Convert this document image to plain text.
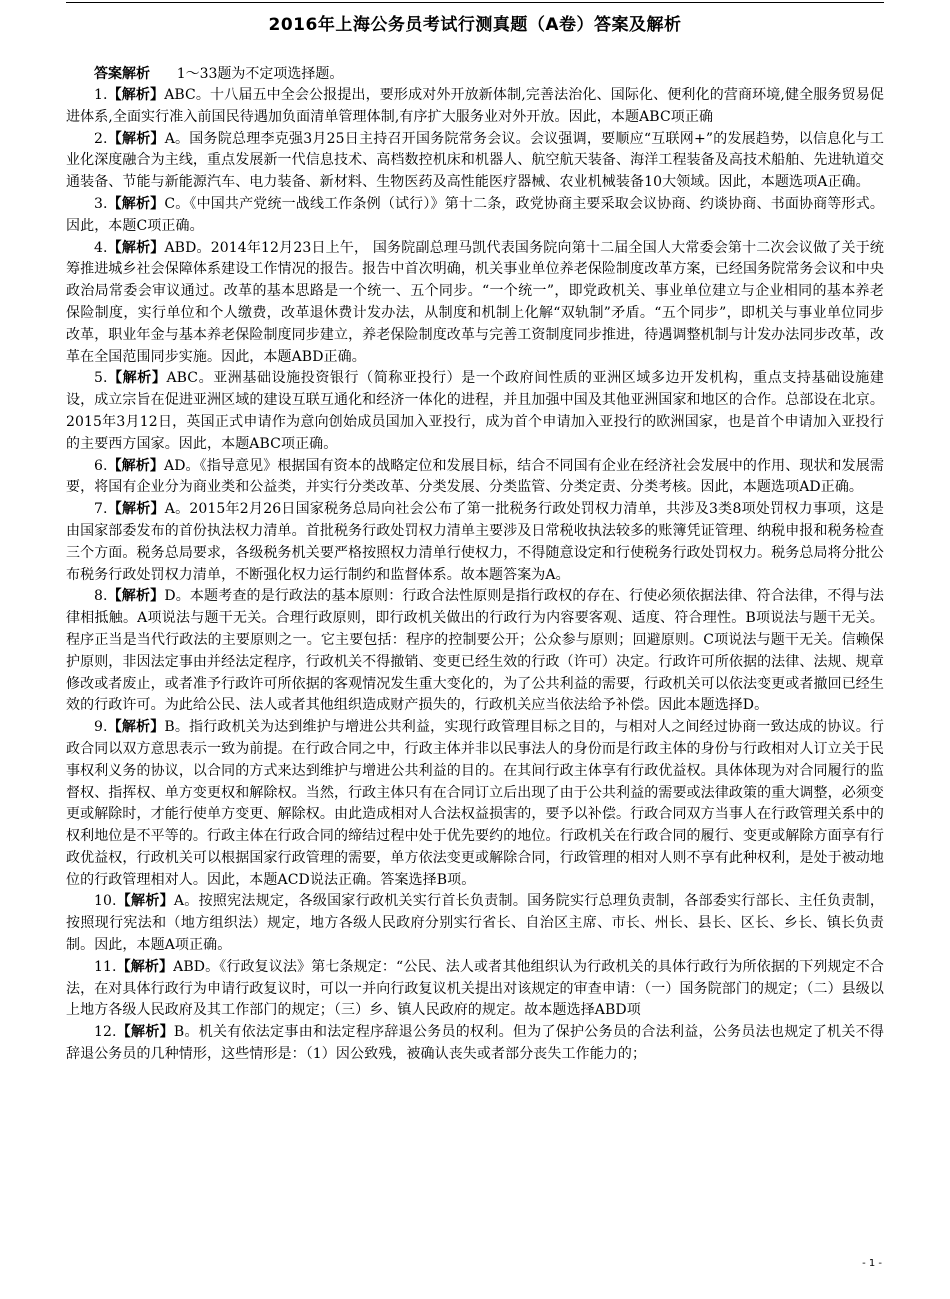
2016年上海公务员考试行测真题（A卷）答案及解析

答案解析 1～33题为不定项选择题。

1.【解析】ABC。十八届五中全会公报提出，要形成对外开放新体制,完善法治化、国际化、便利化的营商环境,健全服务贸易促进体系,全面实行准入前国民待遇加负面清单管理体制,有序扩大服务业对外开放。因此，本题ABC项正确

2.【解析】A。国务院总理李克强3月25日主持召开国务院常务会议。会议强调，要顺应“互联网+”的发展趋势，以信息化与工业化深度融合为主线，重点发展新一代信息技术、高档数控机床和机器人、航空航天装备、海洋工程装备及高技术船舶、先进轨道交通装备、节能与新能源汽车、电力装备、新材料、生物医药及高性能医疗器械、农业机械装备10大领域。因此，本题选项A正确。

3.【解析】C。《中国共产党统一战线工作条例（试行）》第十二条，政党协商主要采取会议协商、约谈协商、书面协商等形式。因此，本题C项正确。

4.【解析】ABD。2014年12月23日上午， 国务院副总理马凯代表国务院向第十二届全国人大常委会第十二次会议做了关于统筹推进城乡社会保障体系建设工作情况的报告。报告中首次明确，机关事业单位养老保险制度改革方案，已经国务院常务会议和中央政治局常委会审议通过。改革的基本思路是一个统一、五个同步。“一个统一”，即党政机关、事业单位建立与企业相同的基本养老保险制度，实行单位和个人缴费，改革退休费计发办法，从制度和机制上化解“双轨制”矛盾。“五个同步”，即机关与事业单位同步改革，职业年金与基本养老保险制度同步建立，养老保险制度改革与完善工资制度同步推进，待遇调整机制与计发办法同步改革，改革在全国范围同步实施。因此，本题ABD正确。

5.【解析】ABC。亚洲基础设施投资银行（简称亚投行）是一个政府间性质的亚洲区域多边开发机构，重点支持基础设施建设，成立宗旨在促进亚洲区域的建设互联互通化和经济一体化的进程，并且加强中国及其他亚洲国家和地区的合作。总部设在北京。2015年3月12日，英国正式申请作为意向创始成员国加入亚投行，成为首个申请加入亚投行的欧洲国家，也是首个申请加入亚投行的主要西方国家。因此，本题ABC项正确。

6.【解析】AD。《指导意见》根据国有资本的战略定位和发展目标，结合不同国有企业在经济社会发展中的作用、现状和发展需要，将国有企业分为商业类和公益类，并实行分类改革、分类发展、分类监管、分类定责、分类考核。因此，本题选项AD正确。

7.【解析】A。2015年2月26日国家税务总局向社会公布了第一批税务行政处罚权力清单，共涉及3类8项处罚权力事项，这是由国家部委发布的首份执法权力清单。首批税务行政处罚权力清单主要涉及日常税收执法较多的账簿凭证管理、纳税申报和税务检查三个方面。税务总局要求，各级税务机关要严格按照权力清单行使权力，不得随意设定和行使税务行政处罚权力。税务总局将分批公布税务行政处罚权力清单，不断强化权力运行制约和监督体系。故本题答案为A。

8.【解析】D。本题考查的是行政法的基本原则：行政合法性原则是指行政权的存在、行使必须依据法律、符合法律，不得与法律相抵触。A项说法与题干无关。合理行政原则，即行政机关做出的行政行为内容要客观、适度、符合理性。B项说法与题干无关。程序正当是当代行政法的主要原则之一。它主要包括：程序的控制要公开；公众参与原则；回避原则。C项说法与题干无关。信赖保护原则，非因法定事由并经法定程序，行政机关不得撤销、变更已经生效的行政（许可）决定。行政许可所依据的法律、法规、规章修改或者废止，或者准予行政许可所依据的客观情况发生重大变化的，为了公共利益的需要，行政机关可以依法变更或者撤回已经生效的行政许可。为此给公民、法人或者其他组织造成财产损失的，行政机关应当依法给予补偿。因此本题选择D。

9.【解析】B。指行政机关为达到维护与增进公共利益，实现行政管理目标之目的，与相对人之间经过协商一致达成的协议。行政合同以双方意思表示一致为前提。在行政合同之中，行政主体并非以民事法人的身份而是行政主体的身份与行政相对人订立关于民事权利义务的协议，以合同的方式来达到维护与增进公共利益的目的。在其间行政主体享有行政优益权。具体体现为对合同履行的监督权、指挥权、单方变更权和解除权。当然，行政主体只有在合同订立后出现了由于公共利益的需要或法律政策的重大调整，必须变更或解除时，才能行使单方变更、解除权。由此造成相对人合法权益损害的，要予以补偿。行政合同双方当事人在行政管理关系中的权利地位是不平等的。行政主体在行政合同的缔结过程中处于优先要约的地位。行政机关在行政合同的履行、变更或解除方面享有行政优益权，行政机关可以根据国家行政管理的需要，单方依法变更或解除合同，行政管理的相对人则不享有此种权利，是处于被动地位的行政管理相对人。因此，本题ACD说法正确。答案选择B项。

10.【解析】A。按照宪法规定，各级国家行政机关实行首长负责制。国务院实行总理负责制，各部委实行部长、主任负责制，按照现行宪法和（地方组织法）规定，地方各级人民政府分别实行省长、自治区主席、市长、州长、县长、区长、乡长、镇长负责制。因此，本题A项正确。

11.【解析】ABD。《行政复议法》第七条规定：“公民、法人或者其他组织认为行政机关的具体行政行为所依据的下列规定不合法，在对具体行政行为申请行政复议时，可以一并向行政复议机关提出对该规定的审查申请：（一）国务院部门的规定；（二）县级以上地方各级人民政府及其工作部门的规定；（三）乡、镇人民政府的规定。故本题选择ABD项

12.【解析】B。机关有依法定事由和法定程序辞退公务员的权利。但为了保护公务员的合法利益，公务员法也规定了机关不得辞退公务员的几种情形，这些情形是：（1）因公致残，被确认丧失或者部分丧失工作能力的；

- 1 -
